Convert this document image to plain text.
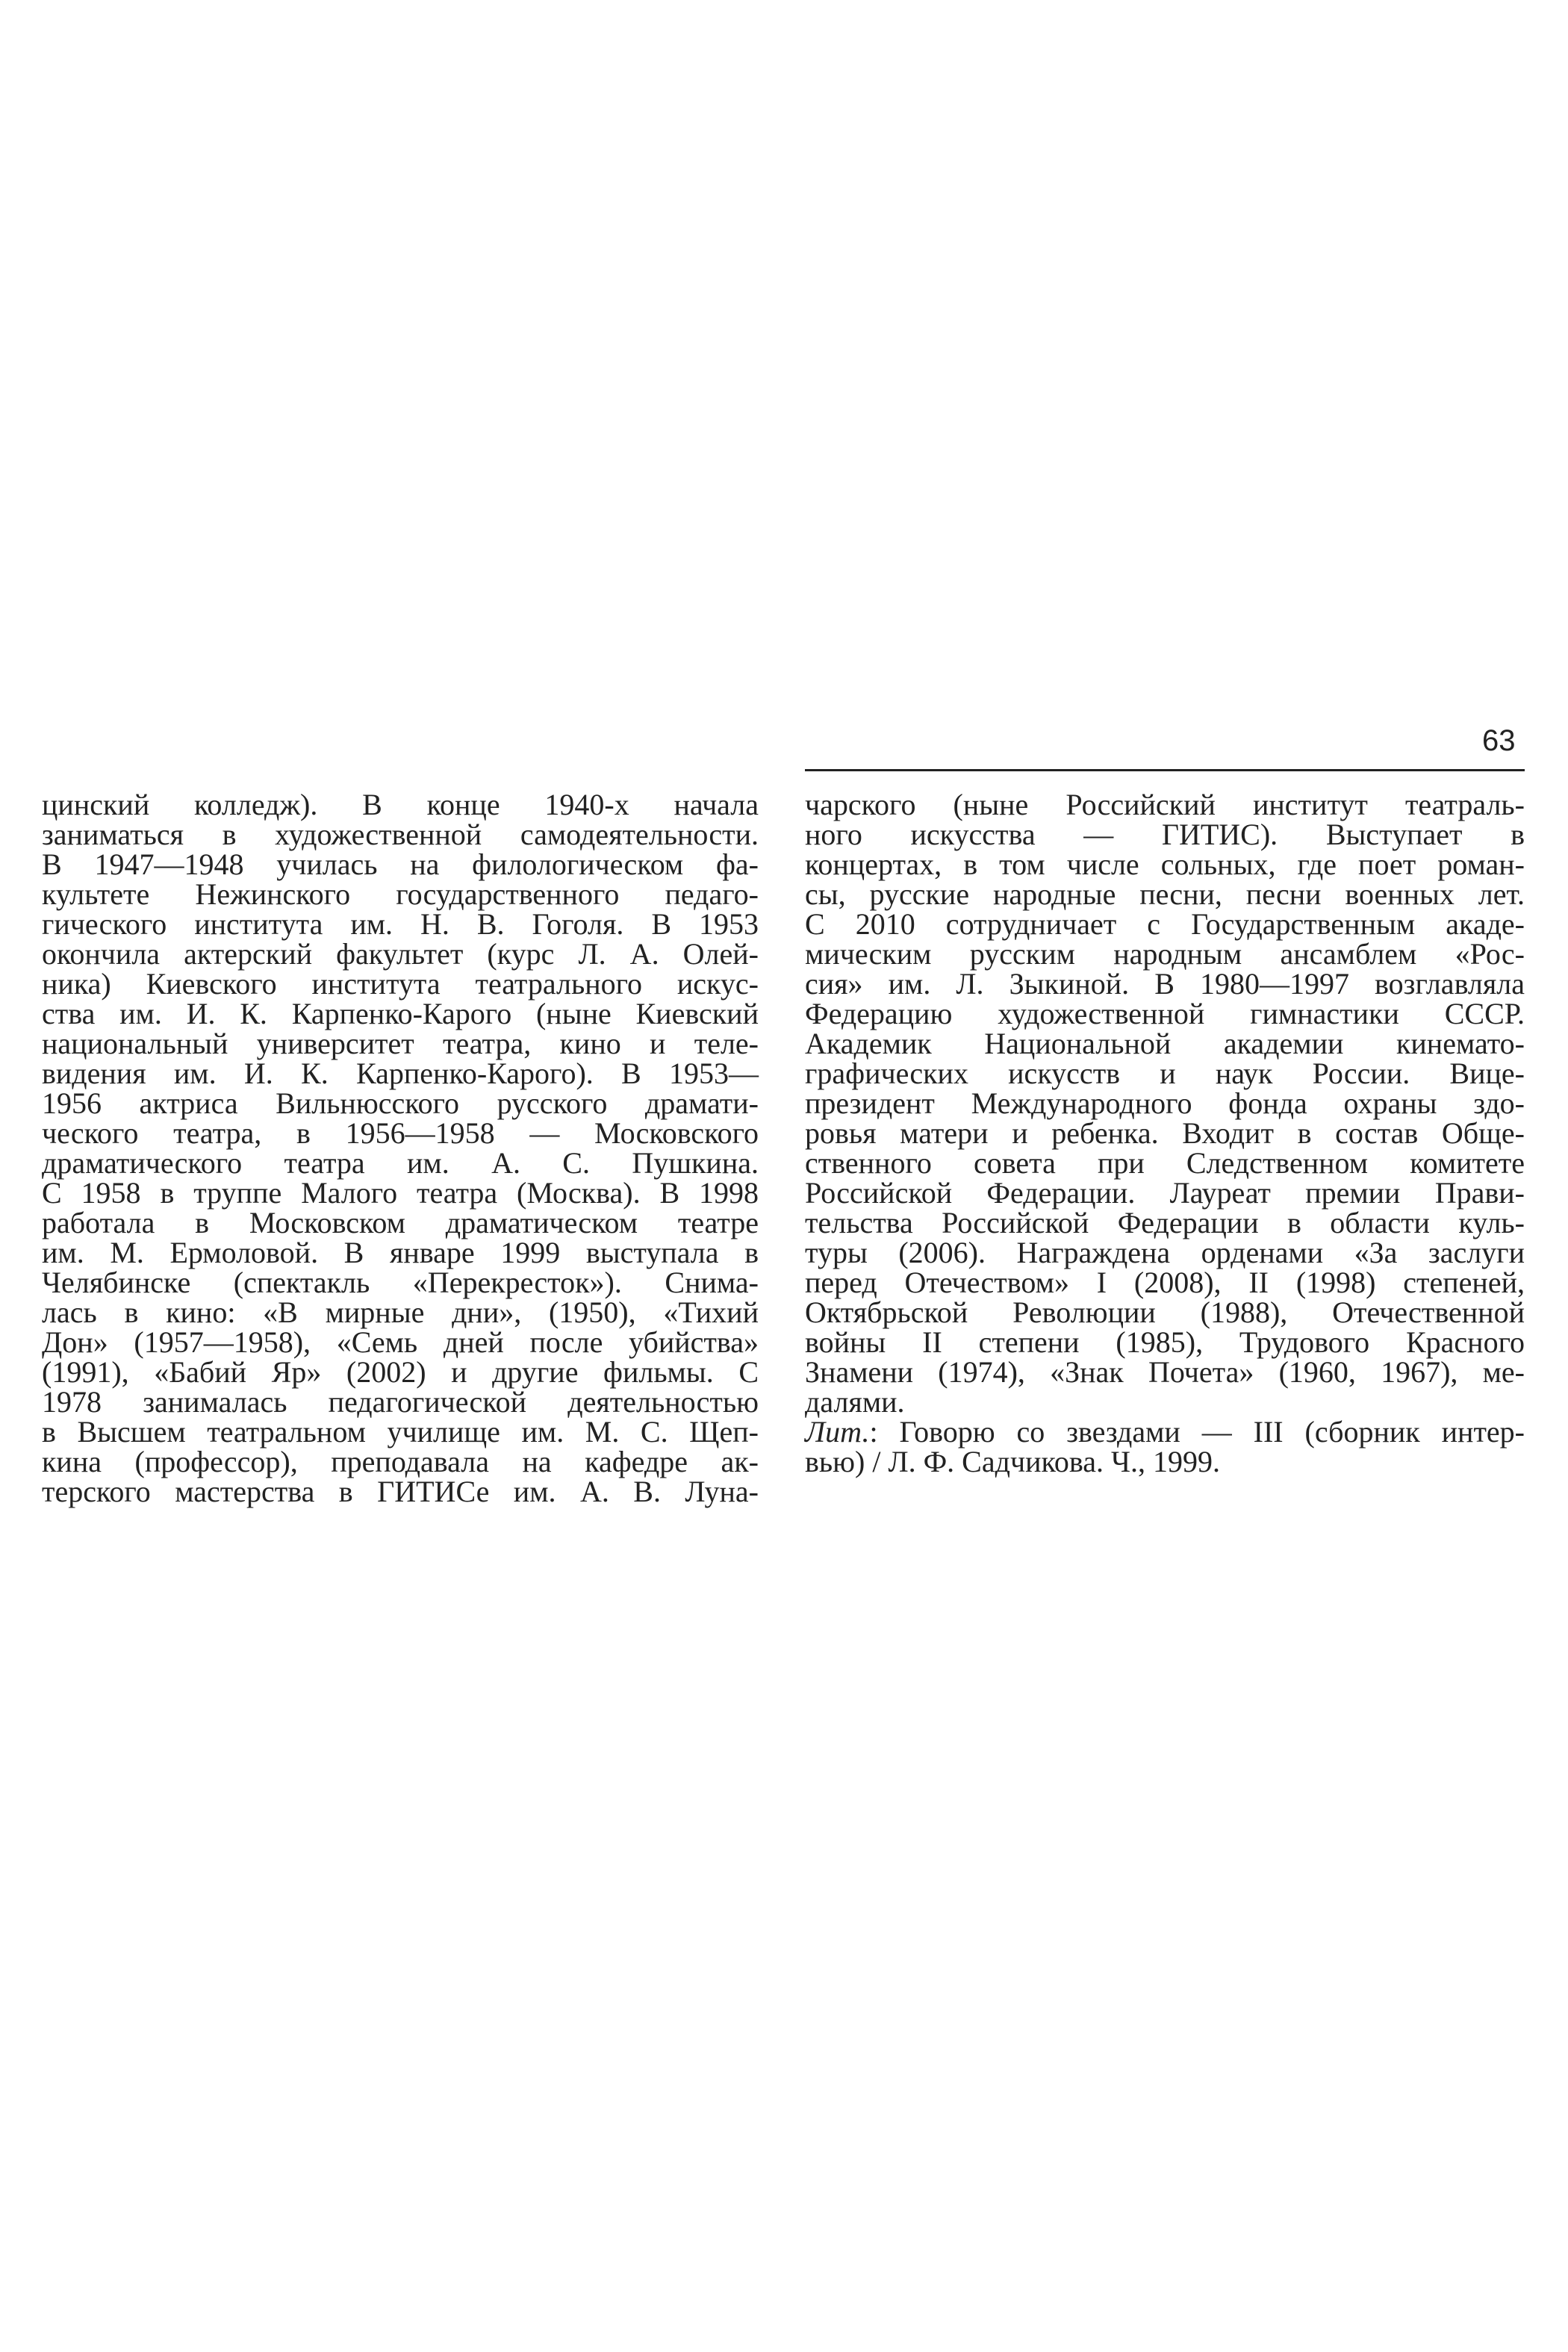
63
цинский колледж). В конце 1940-х начала
заниматься в художественной самодеятельности.
В 1947—1948 училась на филологическом фа-
культете Нежинского государственного педаго-
гического института им. Н. В. Гоголя. В 1953
окончила актерский факультет (курс Л. А. Олей-
ника) Киевского института театрального искус-
ства им. И. К. Карпенко-Карого (ныне Киевский
национальный университет театра, кино и теле-
видения им. И. К. Карпенко-Карого). В 1953—
1956 актриса Вильнюсского русского драмати-
ческого театра, в 1956—1958 — Московского
драматического театра им. А. С. Пушкина.
С 1958 в труппе Малого театра (Москва). В 1998
работала в Московском драматическом театре
им. М. Ермоловой. В январе 1999 выступала в
Челябинске (спектакль «Перекресток»). Снима-
лась в кино: «В мирные дни», (1950), «Тихий
Дон» (1957—1958), «Семь дней после убийства»
(1991), «Бабий Яр» (2002) и другие фильмы. С
1978 занималась педагогической деятельностью
в Высшем театральном училище им. М. С. Щеп-
кина (профессор), преподавала на кафедре ак-
терского мастерства в ГИТИСе им. А. В. Луна-
чарского (ныне Российский институт театраль-
ного искусства — ГИТИС). Выступает в
концертах, в том числе сольных, где поет роман-
сы, русские народные песни, песни военных лет.
С 2010 сотрудничает с Государственным акаде-
мическим русским народным ансамблем «Рос-
сия» им. Л. Зыкиной. В 1980—1997 возглавляла
Федерацию художественной гимнастики СССР.
Академик Национальной академии кинемато-
графических искусств и наук России. Вице-
президент Международного фонда охраны здо-
ровья матери и ребенка. Входит в состав Обще-
ственного совета при Следственном комитете
Российской Федерации. Лауреат премии Прави-
тельства Российской Федерации в области куль-
туры (2006). Награждена орденами «За заслуги
перед Отечеством» I (2008), II (1998) степеней,
Октябрьской Революции (1988), Отечественной
войны II степени (1985), Трудового Красного
Знамени (1974), «Знак Почета» (1960, 1967), ме-
далями.
Лит.: Говорю со звездами — III (сборник интер-
вью) / Л. Ф. Садчикова. Ч., 1999.
